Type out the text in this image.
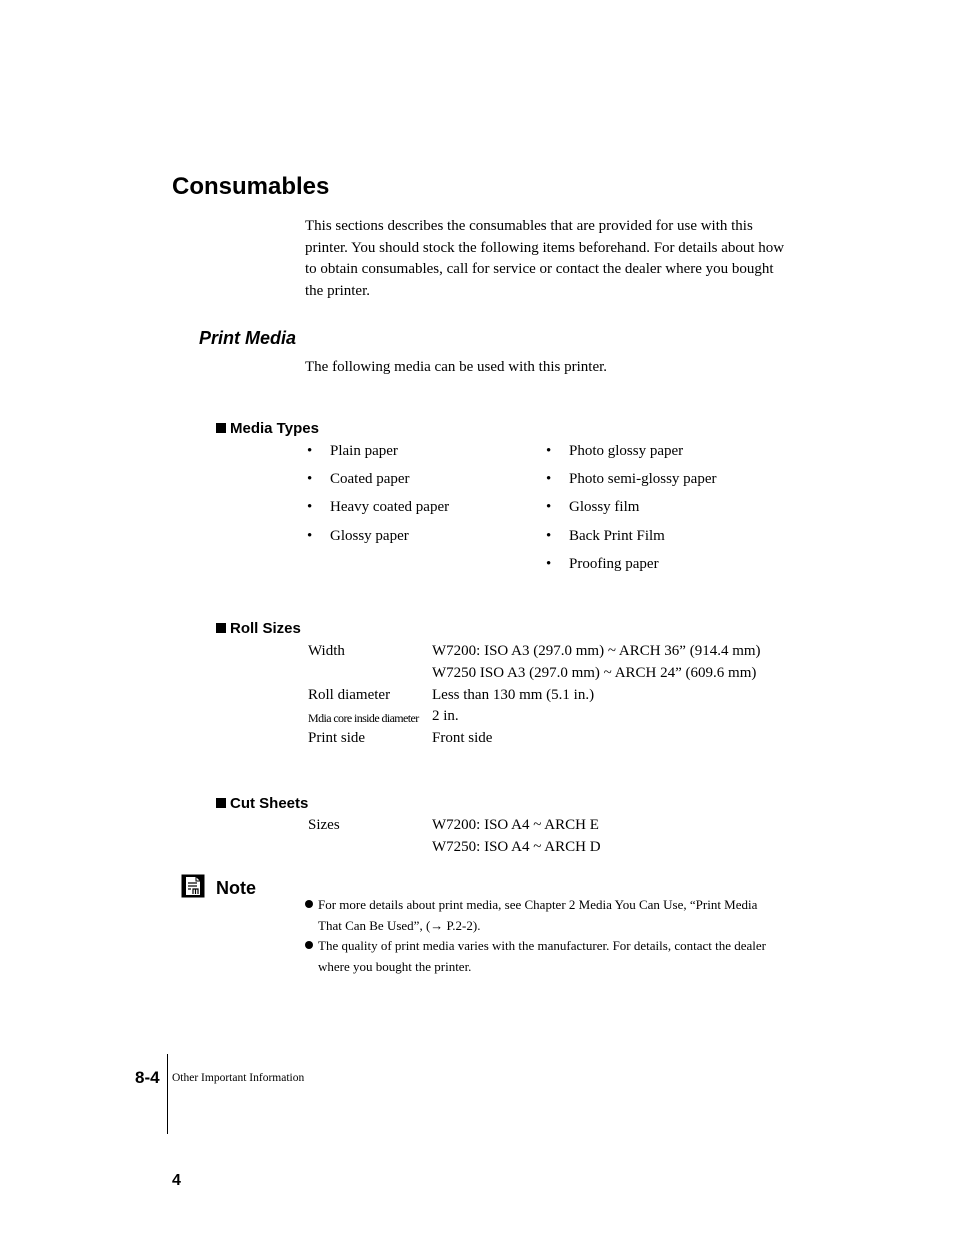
Consumables
This sections describes the consumables that are provided for use with this printer. You should stock the following items beforehand. For details about how to obtain consumables, call for service or contact the dealer where you bought the printer.
Print Media
The following media can be used with this printer.
Media Types
• Plain paper
• Coated paper
• Heavy coated paper
• Glossy paper
• Photo glossy paper
• Photo semi-glossy paper
• Glossy film
• Back Print Film
• Proofing paper
Roll Sizes
Width	W7200: ISO A3 (297.0 mm) ~ ARCH 36” (914.4 mm)
W7250 ISO A3 (297.0 mm) ~ ARCH 24” (609.6 mm)
Roll diameter	Less than 130 mm (5.1 in.)
Mdia core inside diameter 2 in.
Print side	Front side
Cut Sheets
Sizes	W7200: ISO A4 ~ ARCH E
W7250: ISO A4 ~ ARCH D
Note
For more details about print media, see Chapter 2 Media You Can Use, “Print Media That Can Be Used”, (→ P.2-2).
The quality of print media varies with the manufacturer. For details, contact the dealer where you bought the printer.
8-4 Other Important Information
4
